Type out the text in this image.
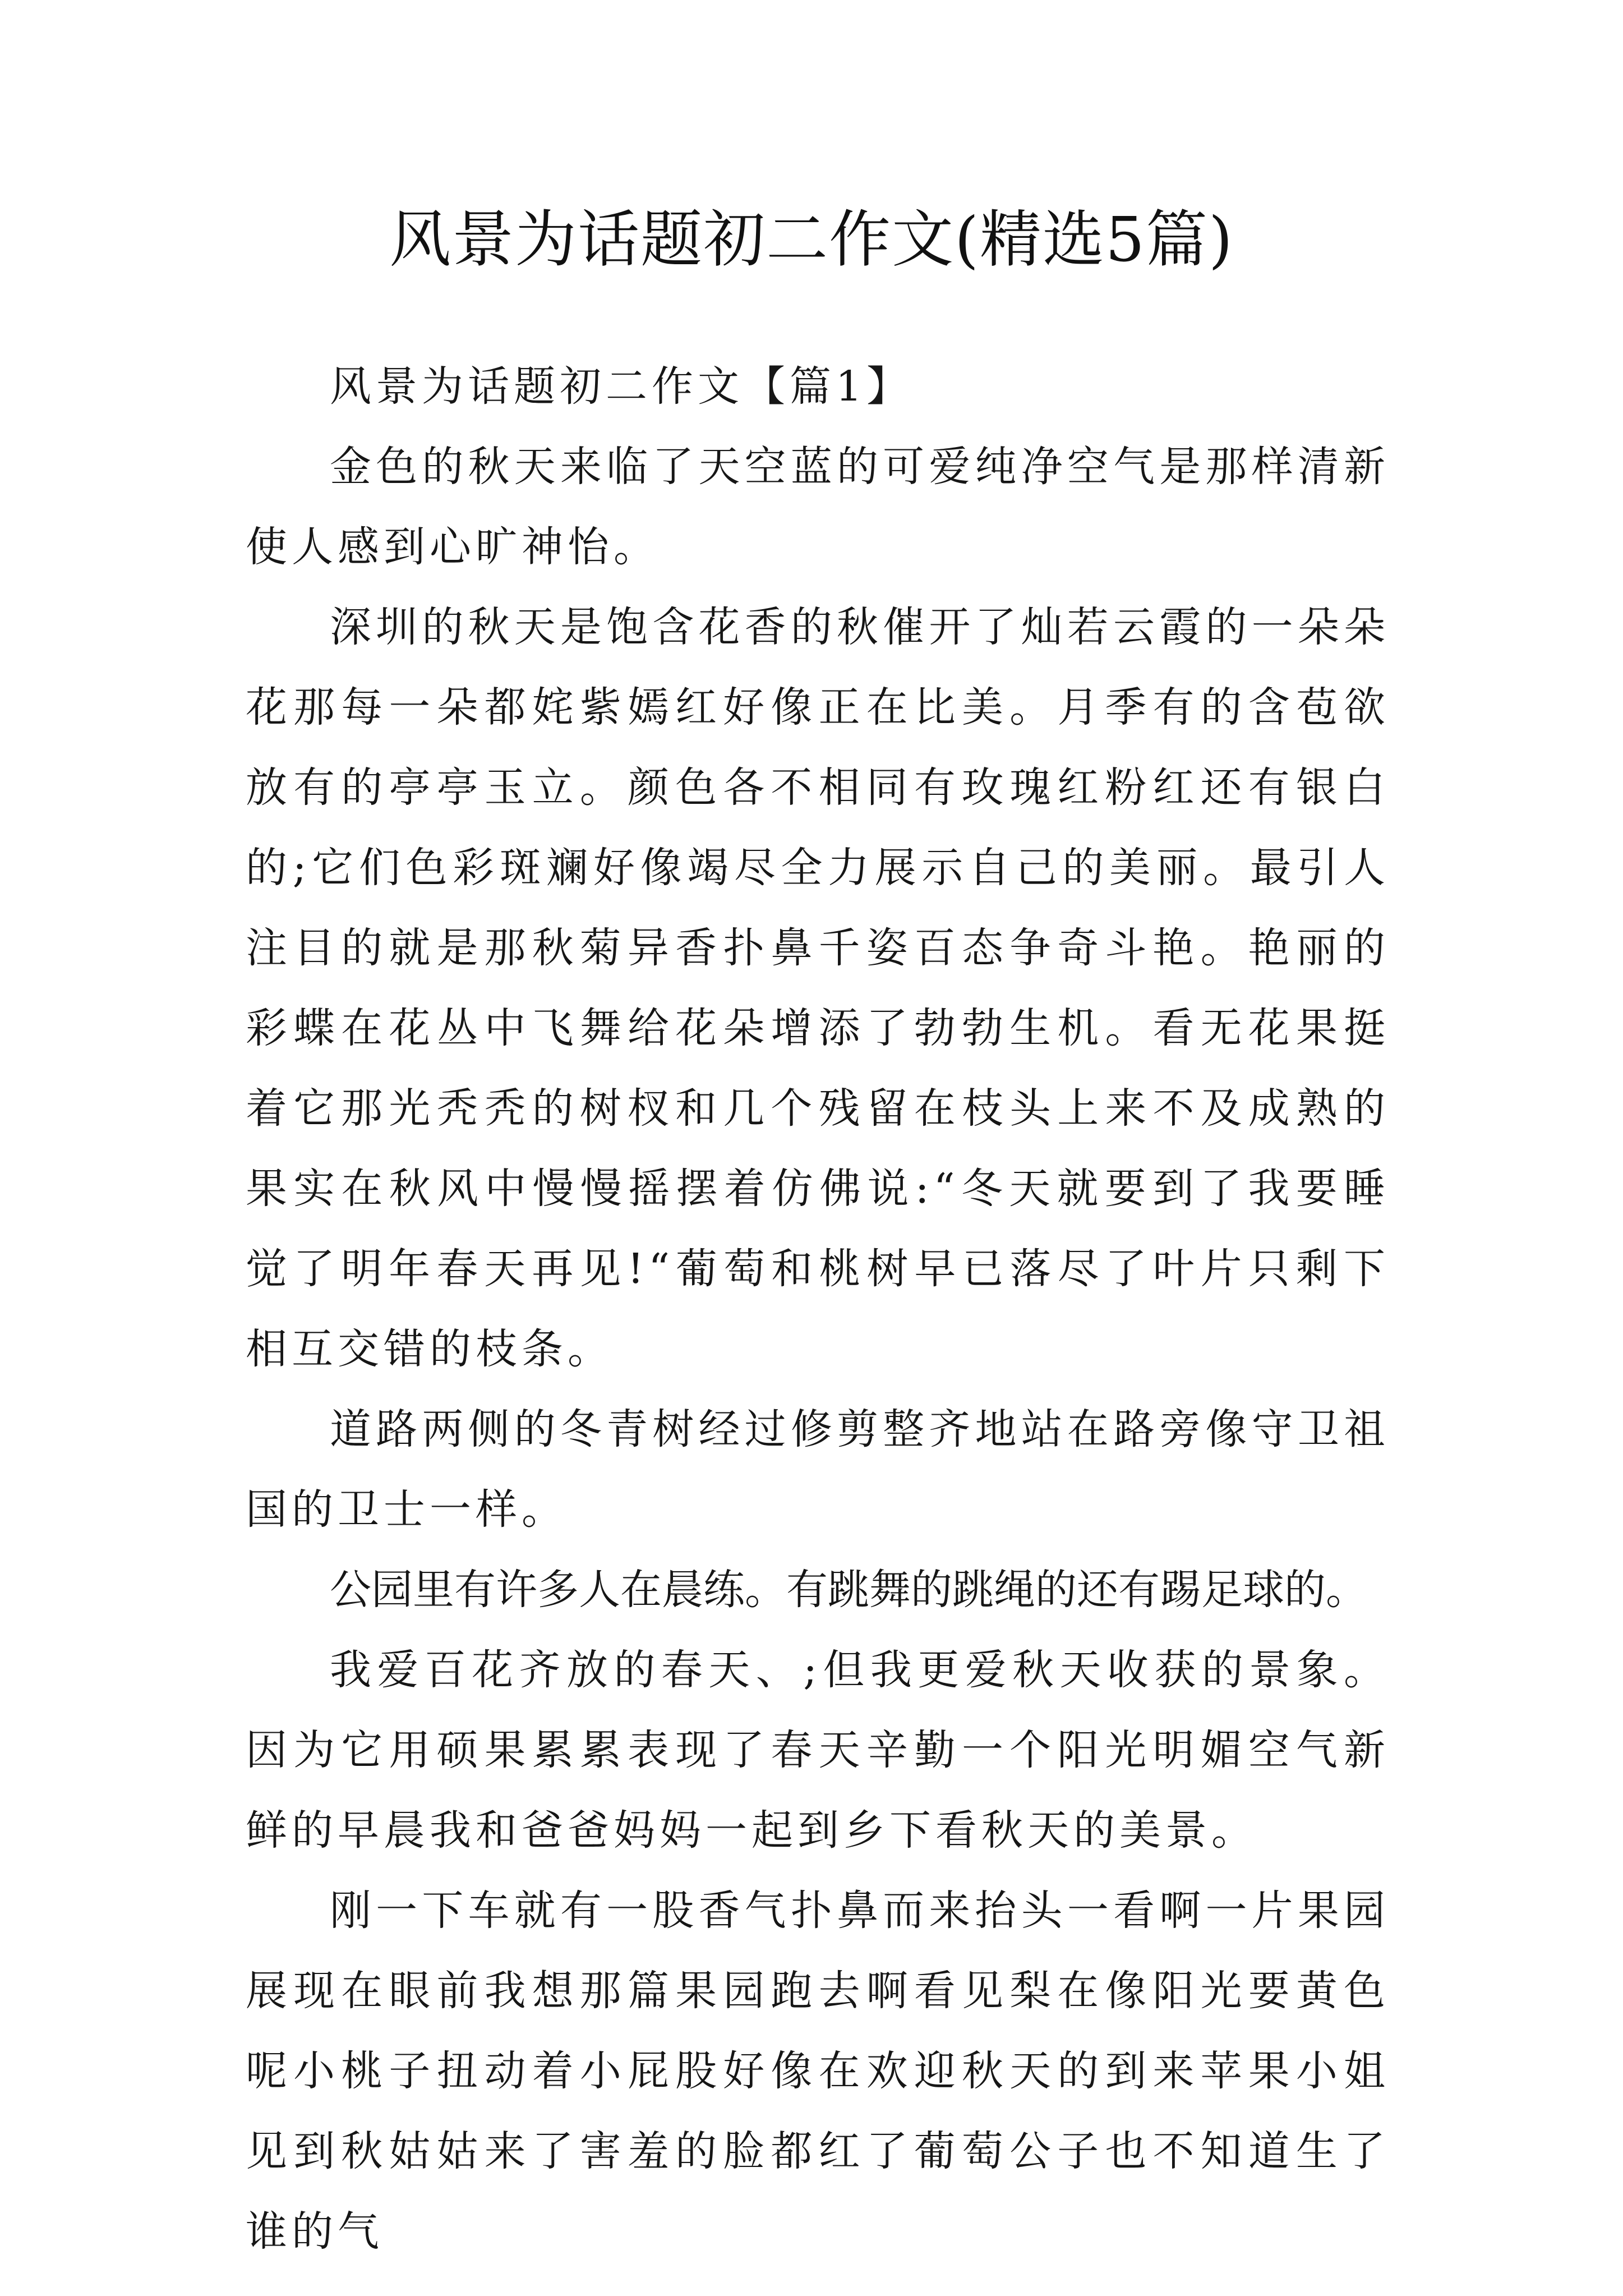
风景为话题初二作文(精选5篇)

风景为话题初二作文【篇1】

金色的秋天来临了天空蓝的可爱纯净空气是那样清新使人感到心旷神怡。

深圳的秋天是饱含花香的秋催开了灿若云霞的一朵朵花那每一朵都姹紫嫣红好像正在比美。月季有的含苞欲放有的亭亭玉立。颜色各不相同有玫瑰红粉红还有银白的;它们色彩斑斓好像竭尽全力展示自己的美丽。最引人注目的就是那秋菊异香扑鼻千姿百态争奇斗艳。艳丽的彩蝶在花丛中飞舞给花朵增添了勃勃生机。看无花果挺着它那光秃秃的树杈和几个残留在枝头上来不及成熟的果实在秋风中慢慢摇摆着仿佛说:“冬天就要到了我要睡觉了明年春天再见!“葡萄和桃树早已落尽了叶片只剩下相互交错的枝条。

道路两侧的冬青树经过修剪整齐地站在路旁像守卫祖国的卫士一样。

公园里有许多人在晨练。有跳舞的跳绳的还有踢足球的。

我爱百花齐放的春天、;但我更爱秋天收获的景象。因为它用硕果累累表现了春天辛勤一个阳光明媚空气新鲜的早晨我和爸爸妈妈一起到乡下看秋天的美景。

刚一下车就有一股香气扑鼻而来抬头一看啊一片果园展现在眼前我想那篇果园跑去啊看见梨在像阳光要黄色呢小桃子扭动着小屁股好像在欢迎秋天的到来苹果小姐见到秋姑姑来了害羞的脸都红了葡萄公子也不知道生了谁的气
